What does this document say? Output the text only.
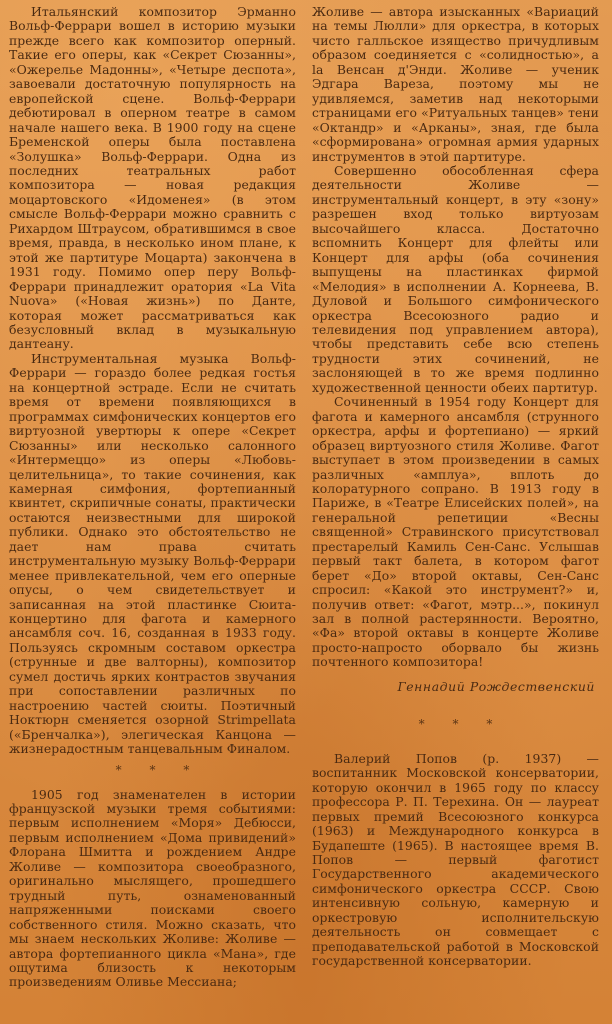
Итальянский композитор Эрманно Вольф-Феррари вошел в историю музыки прежде всего как композитор оперный. Такие его оперы, как «Секрет Сюзанны», «Ожерелье Мадонны», «Четыре деспота», завоевали достаточную популярность на европейской сцене. Вольф-Феррари дебютировал в оперном театре в самом начале нашего века. В 1900 году на сцене Бременской оперы была поставлена «Золушка» Вольф-Феррари. Одна из последних театральных работ композитора — новая редакция моцартовского «Идоменея» (в этом смысле Вольф-Феррари можно сравнить с Рихардом Штраусом, обратившимся в свое время, правда, в несколько ином плане, к этой же партитуре Моцарта) закончена в 1931 году. Помимо опер перу Вольф-Феррари принадлежит оратория «La Vita Nuova» («Новая жизнь») по Данте, которая может рассматриваться как безусловный вклад в музыкальную дантеану.

Инструментальная музыка Вольф-Феррари — гораздо более редкая гостья на концертной эстраде. Если не считать время от времени появляющихся в программах симфонических концертов его виртуозной увертюры к опере «Секрет Сюзанны» или несколько салонного «Интермеццо» из оперы «Любовь-целительница», то такие сочинения, как камерная симфония, фортепианный квинтет, скрипичные сонаты, практически остаются неизвестными для широкой публики. Однако это обстоятельство не дает нам права считать инструментальную музыку Вольф-Феррари менее привлекательной, чем его оперные опусы, о чем свидетельствует и записанная на этой пластинке Сюита-концертино для фагота и камерного ансамбля соч. 16, созданная в 1933 году. Пользуясь скромным составом оркестра (струнные и две валторны), композитор сумел достичь ярких контрастов звучания при сопоставлении различных по настроению частей сюиты. Поэтичный Ноктюрн сменяется озорной Strimpellata («Бренчалка»), элегическая Канцона — жизнерадостным танцевальным Финалом.

* * *

1905 год знаменателен в истории французской музыки тремя событиями: первым исполнением «Моря» Дебюсси, первым исполнением «Дома привидений» Флорана Шмитта и рождением Андре Жоливе — композитора своеобразного, оригинально мыслящего, прошедшего трудный путь, ознаменованный напряженными поисками своего собственного стиля. Можно сказать, что мы знаем нескольких Жоливе: Жоливе — автора фортепианного цикла «Мана», где ощутима близость к некоторым произведениям Оливье Мессиана;

Жоливе — автора изысканных «Вариаций на темы Люлли» для оркестра, в которых чисто галльское изящество причудливым образом соединяется с «солидностью», a la Венсан д'Энди. Жоливе — ученик Эдгара Вареза, поэтому мы не удивляемся, заметив над некоторыми страницами его «Ритуальных танцев» тени «Октандр» и «Арканы», зная, где была «сформирована» огромная армия ударных инструментов в этой партитуре.

Совершенно обособленная сфера деятельности Жоливе — инструментальный концерт, в эту «зону» разрешен вход только виртуозам высочайшего класса. Достаточно вспомнить Концерт для флейты или Концерт для арфы (оба сочинения выпущены на пластинках фирмой «Мелодия» в исполнении А. Корнеева, В. Дуловой и Большого симфонического оркестра Всесоюзного радио и телевидения под управлением автора), чтобы представить себе всю степень трудности этих сочинений, не заслоняющей в то же время подлинно художественной ценности обеих партитур.

Сочиненный в 1954 году Концерт для фагота и камерного ансамбля (струнного оркестра, арфы и фортепиано) — яркий образец виртуозного стиля Жоливе. Фагот выступает в этом произведении в самых различных «амплуа», вплоть до колоратурного сопрано. В 1913 году в Париже, в «Театре Елисейских полей», на генеральной репетиции «Весны священной» Стравинского присутствовал престарелый Камиль Сен-Санс. Услышав первый такт балета, в котором фагот берет «До» второй октавы, Сен-Санс спросил: «Какой это инструмент?» и, получив ответ: «Фагот, мэтр...», покинул зал в полной растерянности. Вероятно, «Фа» второй октавы в концерте Жоливе просто-напросто оборвало бы жизнь почтенного композитора!

Геннадий Рождественский
* * *

Валерий Попов (р. 1937) — воспитанник Московской консерватории, которую окончил в 1965 году по классу профессора Р. П. Терехина. Он — лауреат первых премий Всесоюзного конкурса (1963) и Международного конкурса в Будапеште (1965). В настоящее время В. Попов — первый фаготист Государственного академического симфонического оркестра СССР. Свою интенсивную сольную, камерную и оркестровую исполнительскую деятельность он совмещает с преподавательской работой в Московской государственной консерватории.
